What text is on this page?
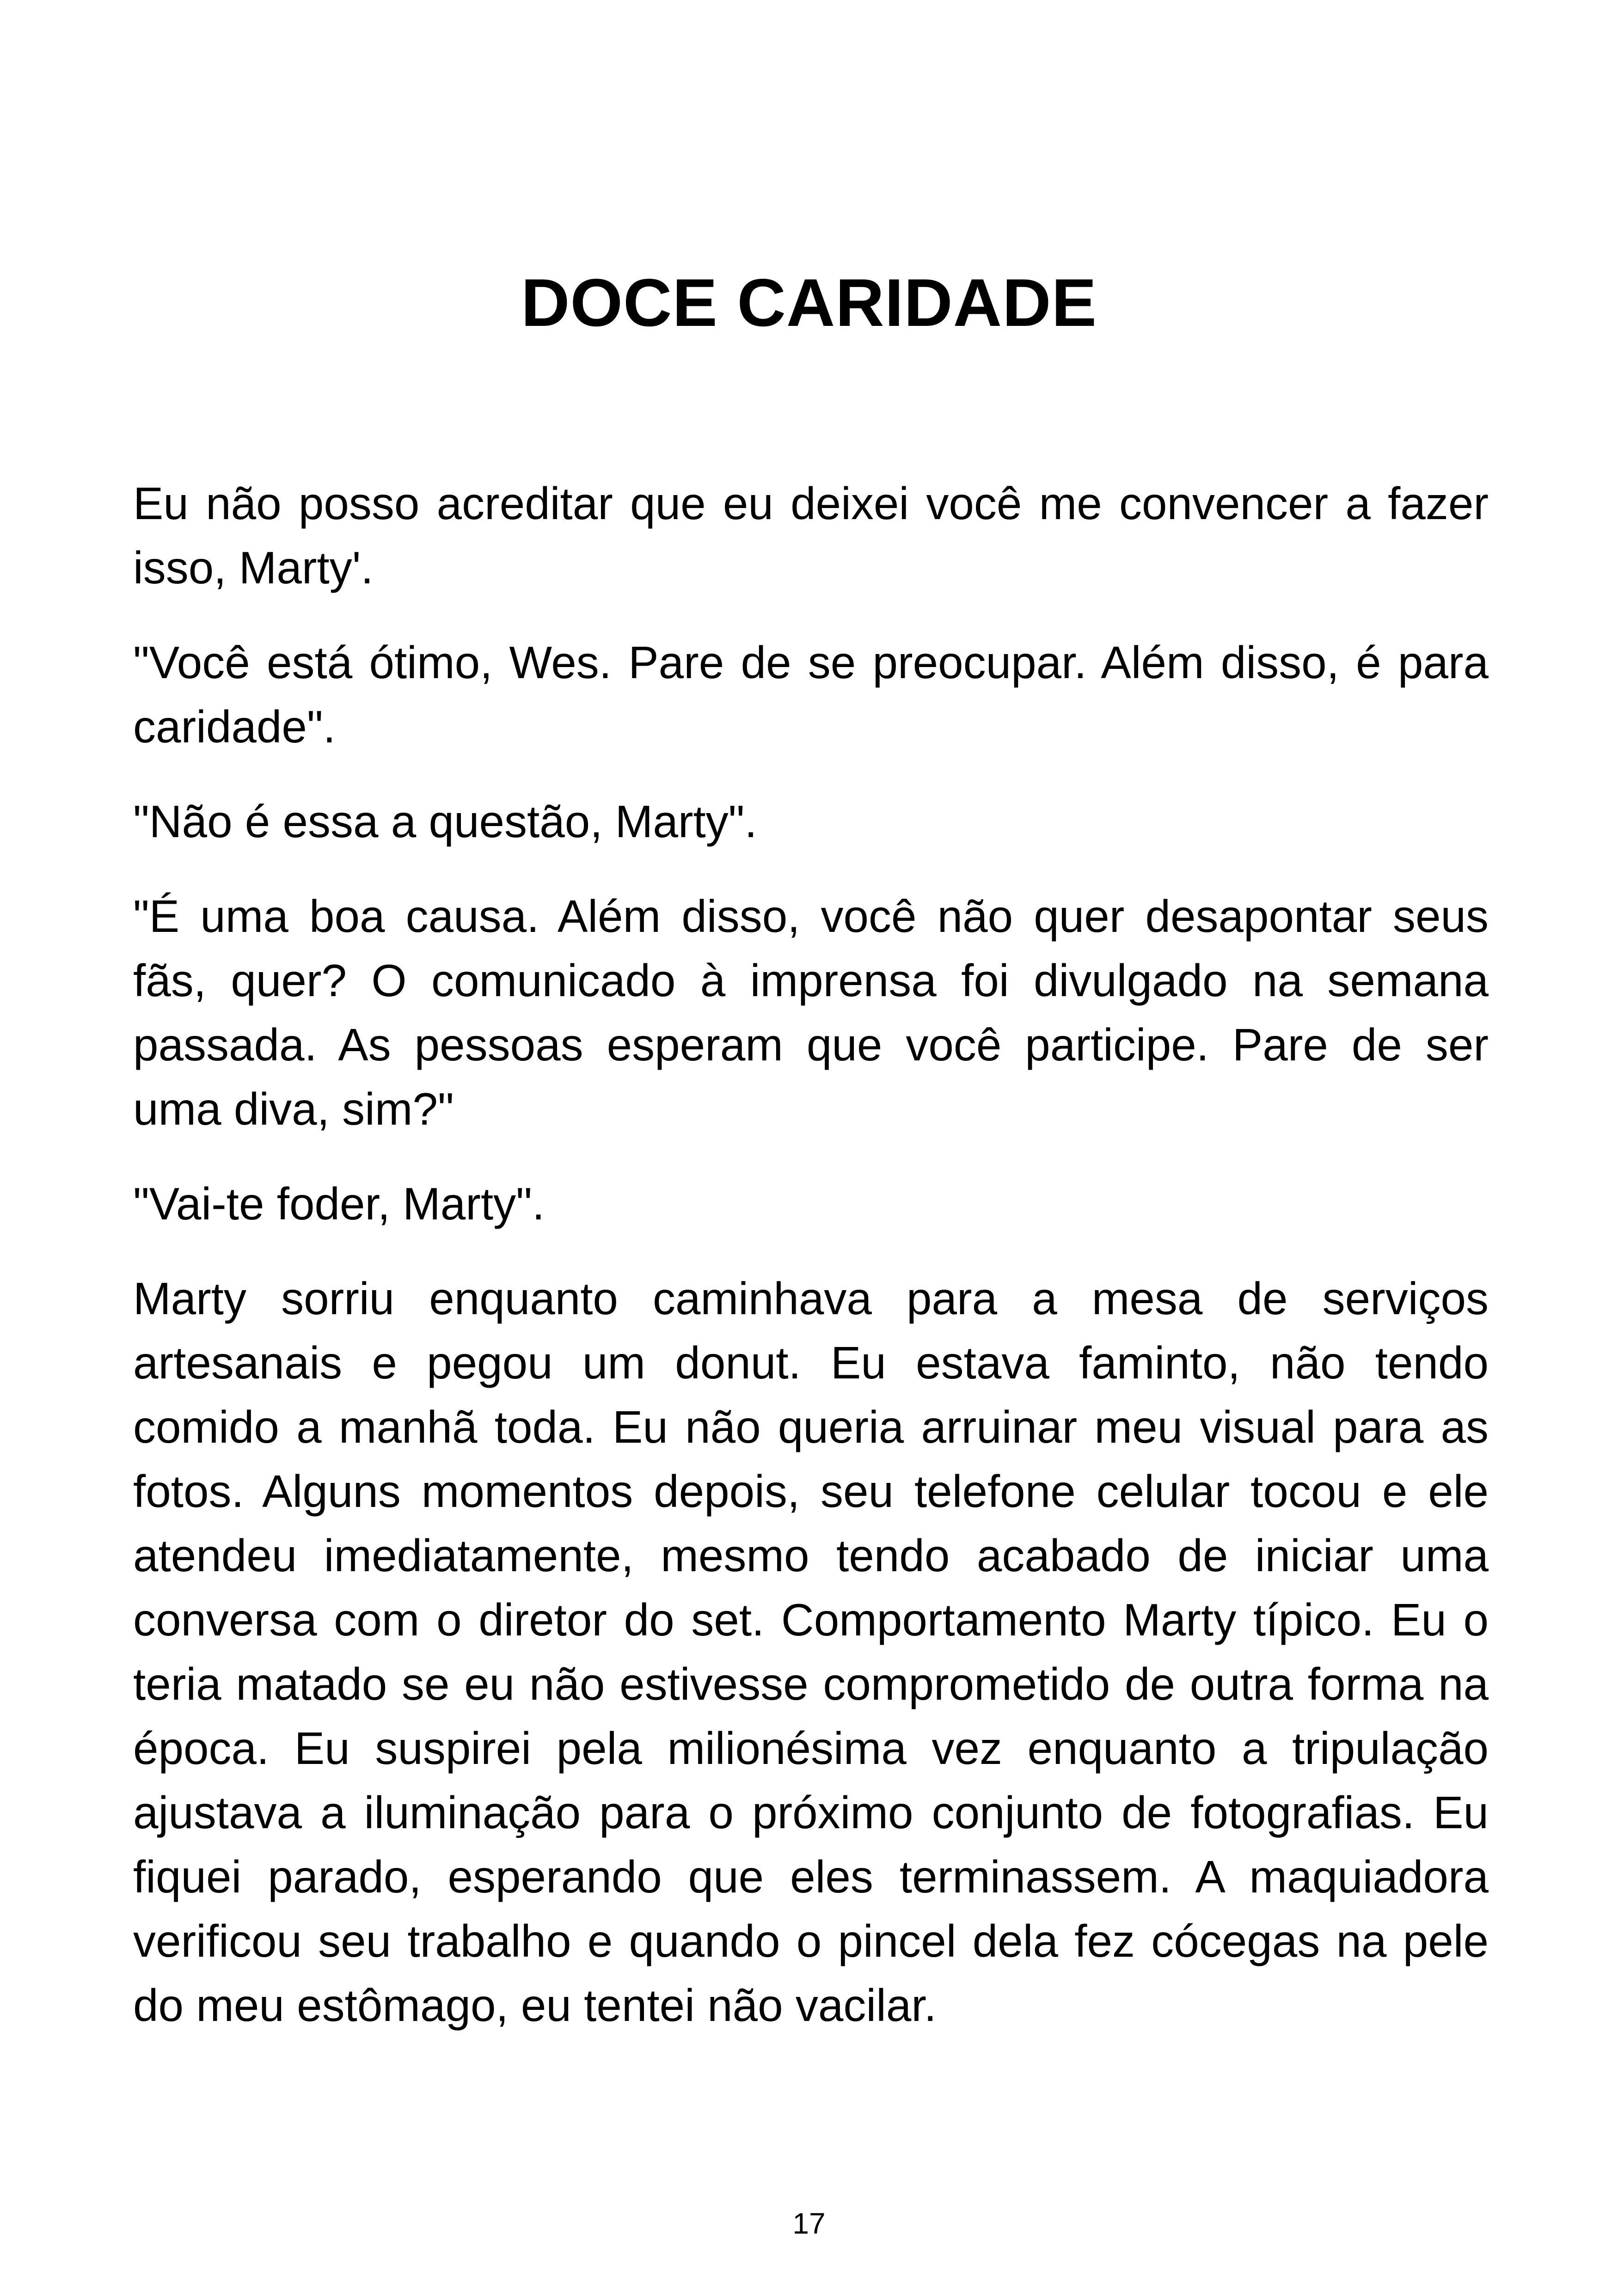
DOCE CARIDADE

Eu não posso acreditar que eu deixei você me convencer a fazer isso, Marty'.

"Você está ótimo, Wes. Pare de se preocupar. Além disso, é para caridade".

"Não é essa a questão, Marty".

"É uma boa causa. Além disso, você não quer desapontar seus fãs, quer? O comunicado à imprensa foi divulgado na semana passada. As pessoas esperam que você participe. Pare de ser uma diva, sim?"

"Vai-te foder, Marty".

Marty sorriu enquanto caminhava para a mesa de serviços artesanais e pegou um donut. Eu estava faminto, não tendo comido a manhã toda. Eu não queria arruinar meu visual para as fotos. Alguns momentos depois, seu telefone celular tocou e ele atendeu imediatamente, mesmo tendo acabado de iniciar uma conversa com o diretor do set. Comportamento Marty típico. Eu o teria matado se eu não estivesse comprometido de outra forma na época. Eu suspirei pela milionésima vez enquanto a tripulação ajustava a iluminação para o próximo conjunto de fotografias. Eu fiquei parado, esperando que eles terminassem. A maquiadora verificou seu trabalho e quando o pincel dela fez cócegas na pele do meu estômago, eu tentei não vacilar.

17
